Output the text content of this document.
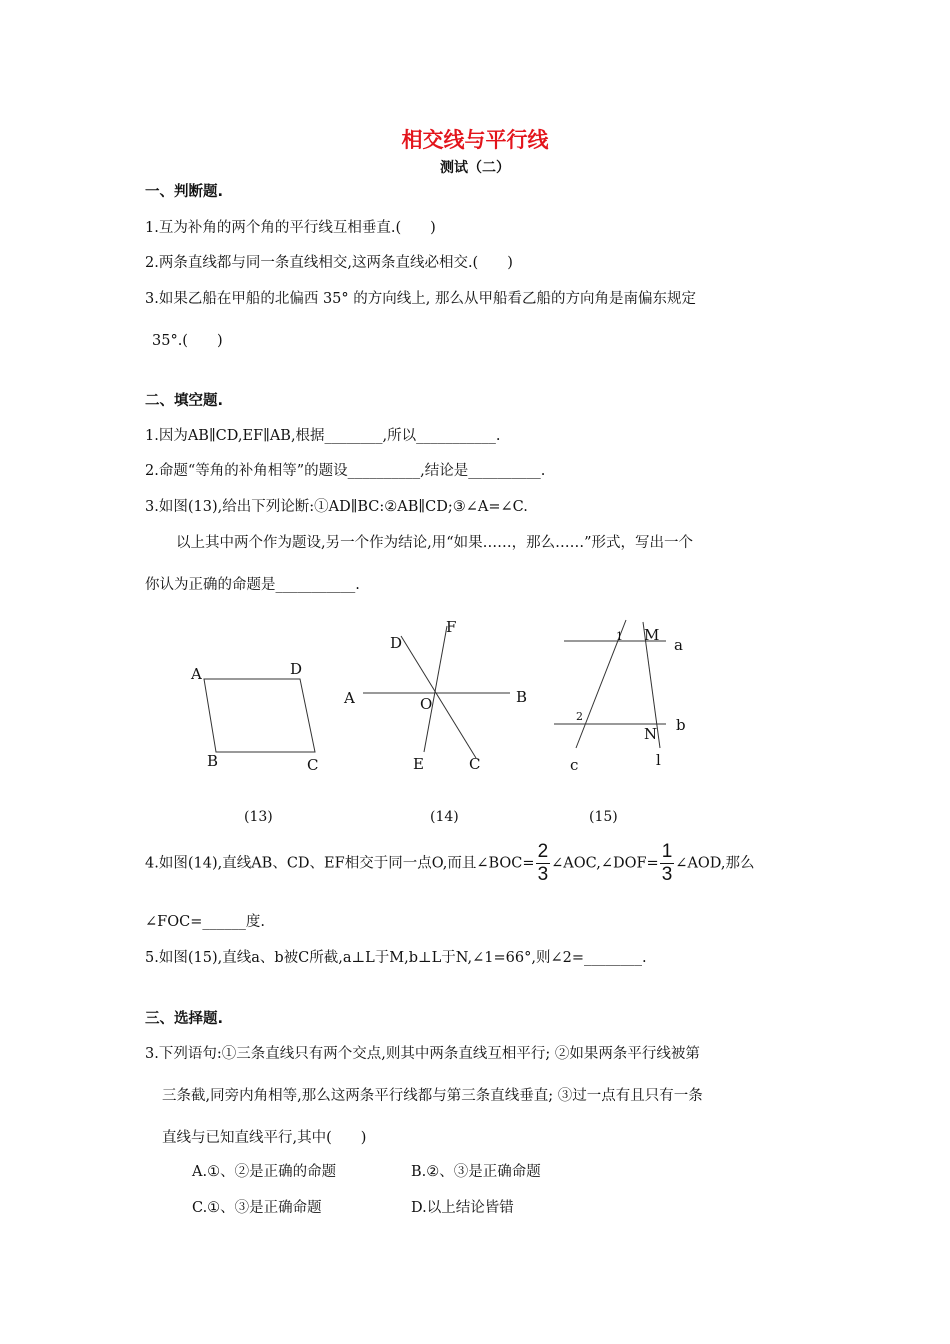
相交线与平行线
测试（二）
一、判断题.
1.互为补角的两个角的平行线互相垂直.(　　)
2.两条直线都与同一条直线相交,这两条直线必相交.(　　)
3.如果乙船在甲船的北偏西 35° 的方向线上, 那么从甲船看乙船的方向角是南偏东规定
35°.(　　)
二、填空题.
1.因为AB∥CD,EF∥AB,根据________,所以___________.
2.命题“等角的补角相等”的题设__________,结论是__________.
3.如图(13),给出下列论断:①AD∥BC:②AB∥CD;③∠A=∠C.
以上其中两个作为题设,另一个作为结论,用“如果……，那么……”形式，写出一个
你认为正确的命题是___________.
A	D
B	C
A	B
D
F
O
E	C
1 M
a
2	b
N
l
c
(13)	(14)	(15)
4.如图(14),直线AB、CD、EF相交于同一点O,而且∠BOC= $\frac{2}{3}$ ∠AOC,∠DOF= $\frac{1}{3}$ ∠AOD,那么
∠FOC=______度.
5.如图(15),直线a、b被C所截,a⊥L于M,b⊥L于N,∠1=66°,则∠2=________.
三、选择题.
3.下列语句:①三条直线只有两个交点,则其中两条直线互相平行; ②如果两条平行线被第
三条截,同旁内角相等,那么这两条平行线都与第三条直线垂直; ③过一点有且只有一条
直线与已知直线平行,其中(　　)
A.①、②是正确的命题	B.②、③是正确命题
C.①、③是正确命题	D.以上结论皆错
